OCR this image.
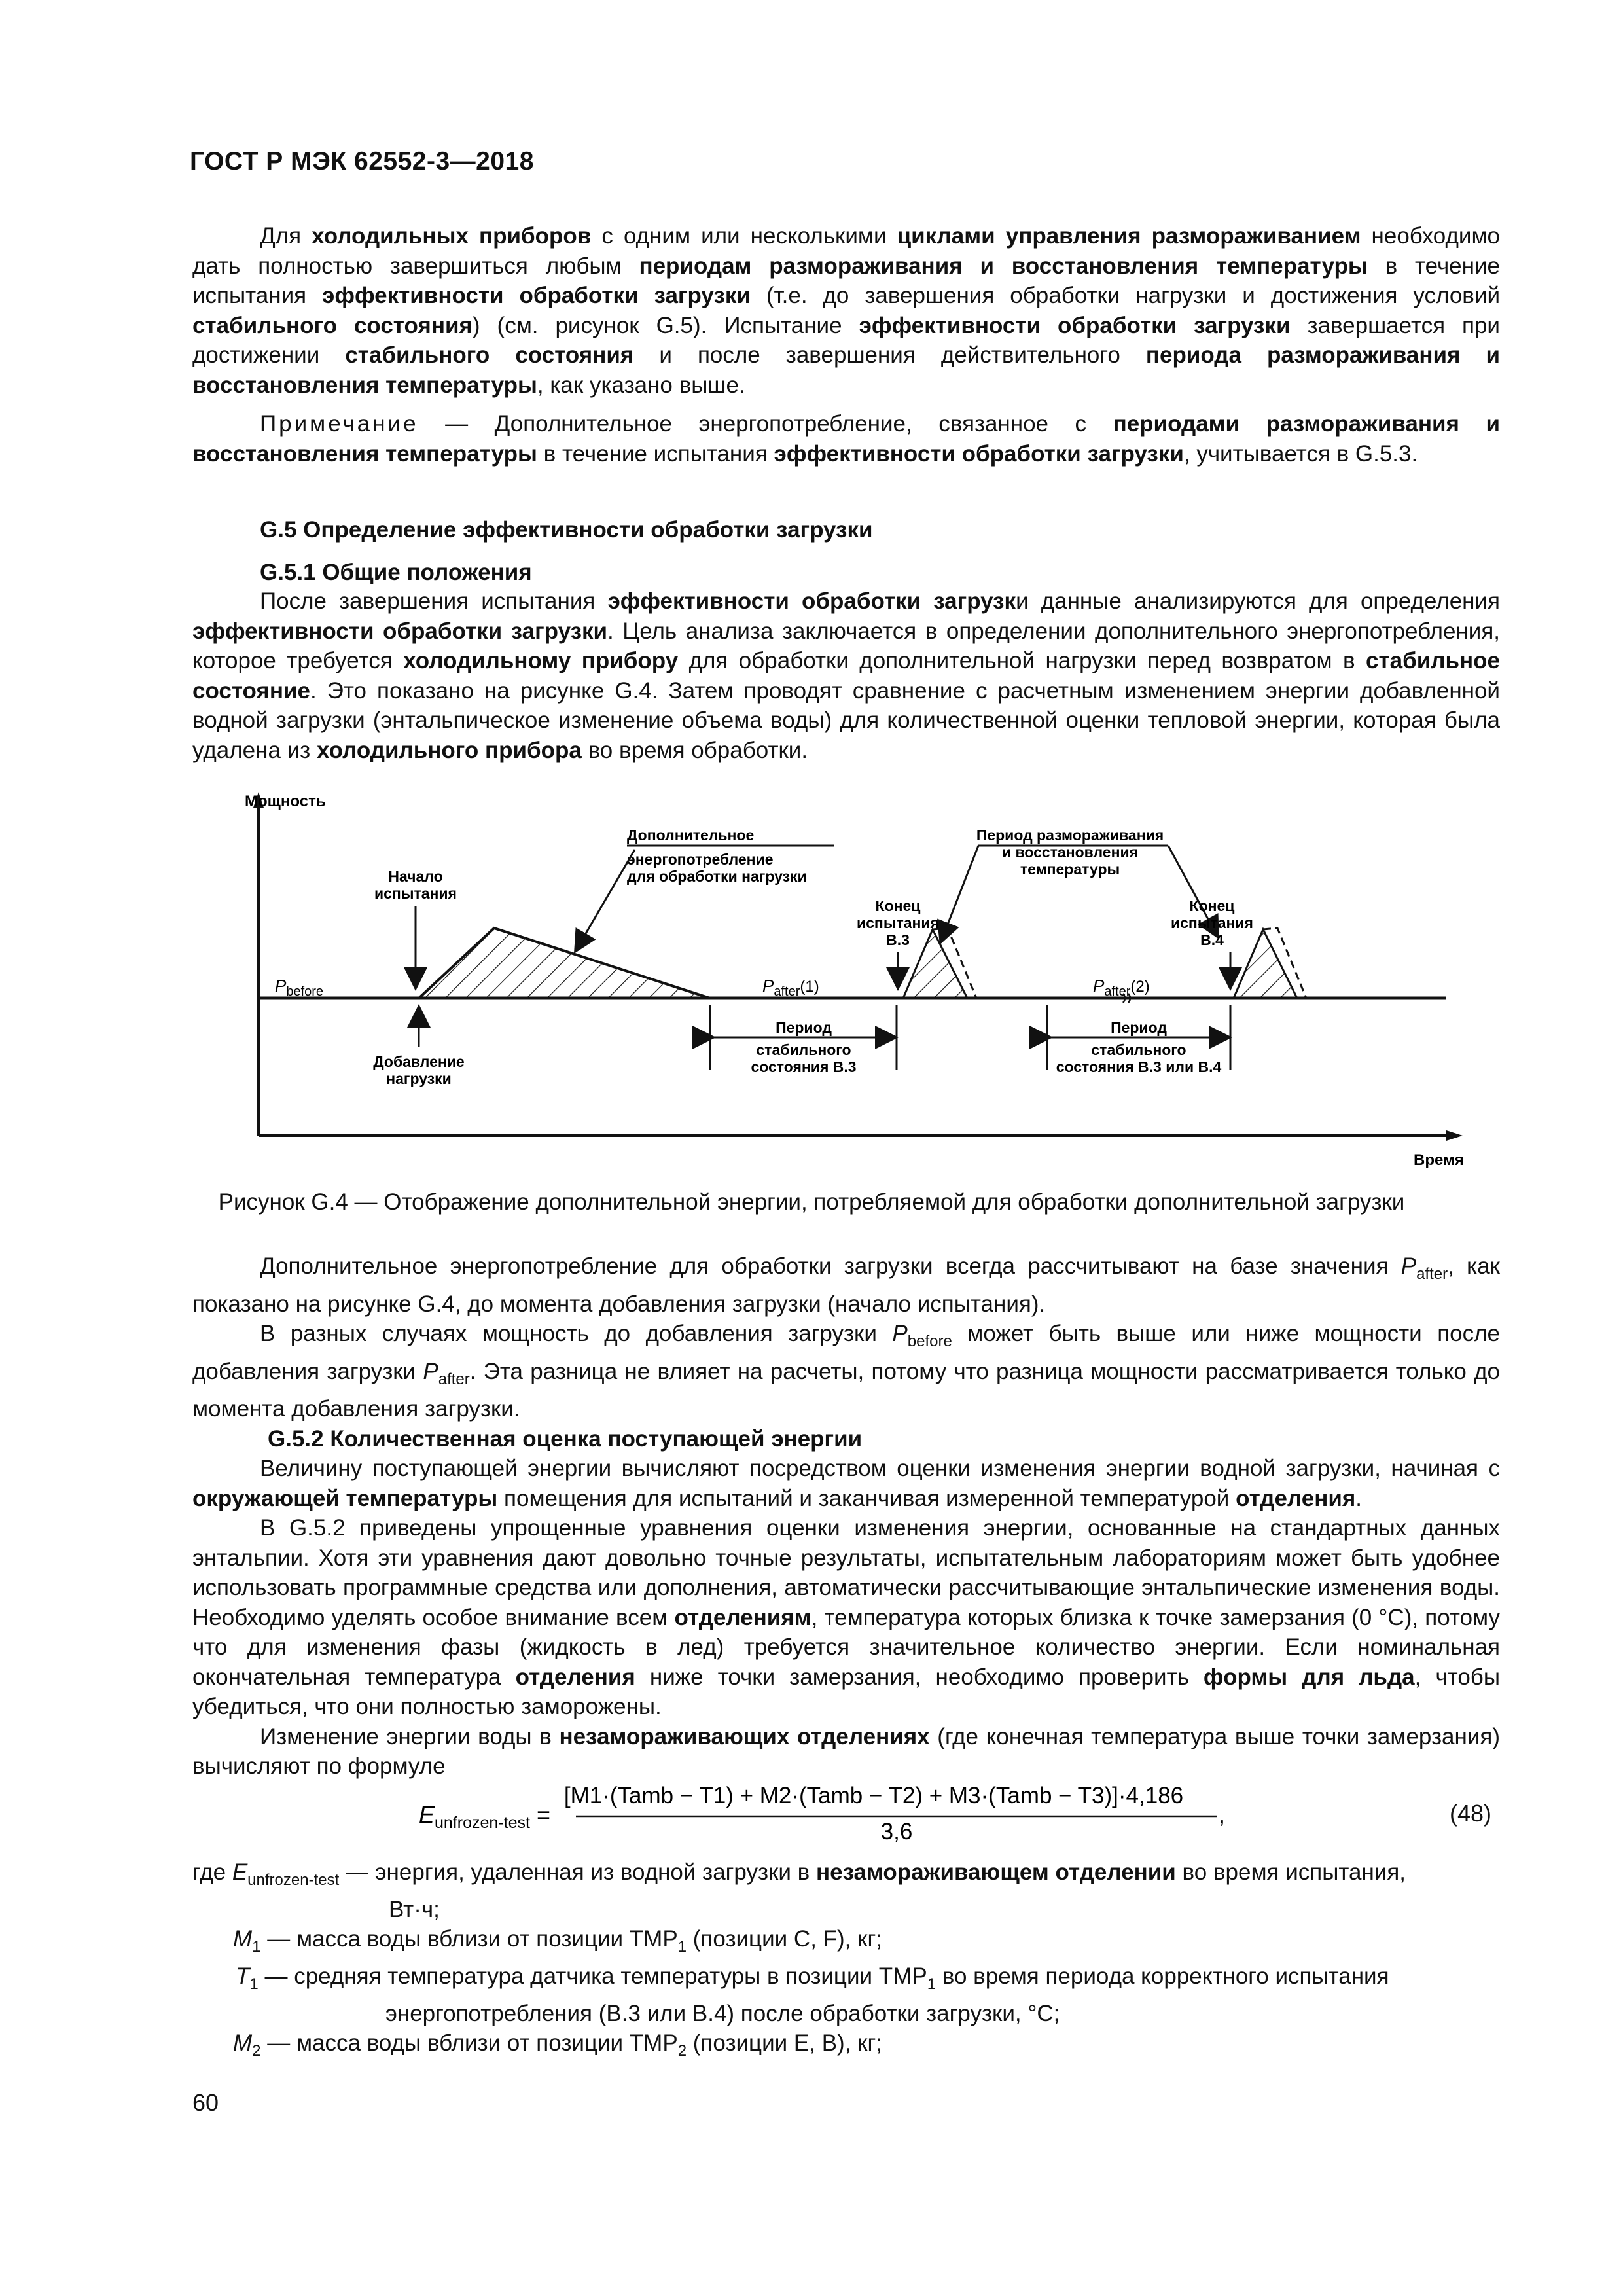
ГОСТ Р МЭК 62552-3—2018

Для холодильных приборов с одним или несколькими циклами управления размораживанием необходимо дать полностью завершиться любым периодам размораживания и восстановления температуры в течение испытания эффективности обработки загрузки (т.е. до завершения обработки нагрузки и достижения условий стабильного состояния) (см. рисунок G.5). Испытание эффективности обработки загрузки завершается при достижении стабильного состояния и после завершения действительного периода размораживания и восстановления температуры, как указано выше.

Примечание — Дополнительное энергопотребление, связанное с периодами размораживания и восстановления температуры в течение испытания эффективности обработки загрузки, учитывается в G.5.3.

G.5 Определение эффективности обработки загрузки
G.5.1 Общие положения

После завершения испытания эффективности обработки загрузки данные анализируются для определения эффективности обработки загрузки. Цель анализа заключается в определении дополнительного энергопотребления, которое требуется холодильному прибору для обработки дополнительной нагрузки перед возвратом в стабильное состояние. Это показано на рисунке G.4. Затем проводят сравнение с расчетным изменением энергии добавленной водной загрузки (энтальпическое изменение объема воды) для количественной оценки тепловой энергии, которая была удалена из холодильного прибора во время обработки.

Мощность
Время
$P_{before}$
Начало
испытания
Добавление
нагрузки
Дополнительное
энергопотребление
для обработки нагрузки
$P_{after}(1)$
Конец
испытания
B.3
Период размораживания
и восстановления
температуры
$P_{after}(2)$
Конец
испытания
B.4
Период
стабильного
состояния B.3
Период
стабильного
состояния B.3 или B.4
Рисунок G.4 — Отображение дополнительной энергии, потребляемой для обработки дополнительной загрузки

Дополнительное энергопотребление для обработки загрузки всегда рассчитывают на базе значения $P_{after}$, как показано на рисунке G.4, до момента добавления загрузки (начало испытания).

В разных случаях мощность до добавления загрузки $P_{before}$ может быть выше или ниже мощности после добавления загрузки $P_{after}$. Эта разница не влияет на расчеты, потому что разница мощности рассматривается только до момента добавления загрузки.

G.5.2 Количественная оценка поступающей энергии

Величину поступающей энергии вычисляют посредством оценки изменения энергии водной загрузки, начиная с окружающей температуры помещения для испытаний и заканчивая измеренной температурой отделения.

В G.5.2 приведены упрощенные уравнения оценки изменения энергии, основанные на стандартных данных энтальпии. Хотя эти уравнения дают довольно точные результаты, испытательным лабораториям может быть удобнее использовать программные средства или дополнения, автоматически рассчитывающие энтальпические изменения воды. Необходимо уделять особое внимание всем отделениям, температура которых близка к точке замерзания (0 °C), потому что для изменения фазы (жидкость в лед) требуется значительное количество энергии. Если номинальная окончательная температура отделения ниже точки замерзания, необходимо проверить формы для льда, чтобы убедиться, что они полностью заморожены.

Изменение энергии воды в незамораживающих отделениях (где конечная температура выше точки замерзания) вычисляют по формуле

$E_{unfrozen-test}$ =
[M1·(Tamb − T1) + M2·(Tamb − T2) + M3·(Tamb − T3)]·4,186
3,6
,	(48)
где $E_{unfrozen-test}$ — энергия, удаленная из водной загрузки в незамораживающем отделении во время испытания,
Вт·ч;
$M_1$ — масса воды вблизи от позиции $TMP_1$ (позиции C, F), кг;
$T_1$ — средняя температура датчика температуры в позиции $TMP_1$ во время периода корректного испытания
энергопотребления (B.3 или B.4) после обработки загрузки, °C;
$M_2$ — масса воды вблизи от позиции $TMP_2$ (позиции E, B), кг;
60
